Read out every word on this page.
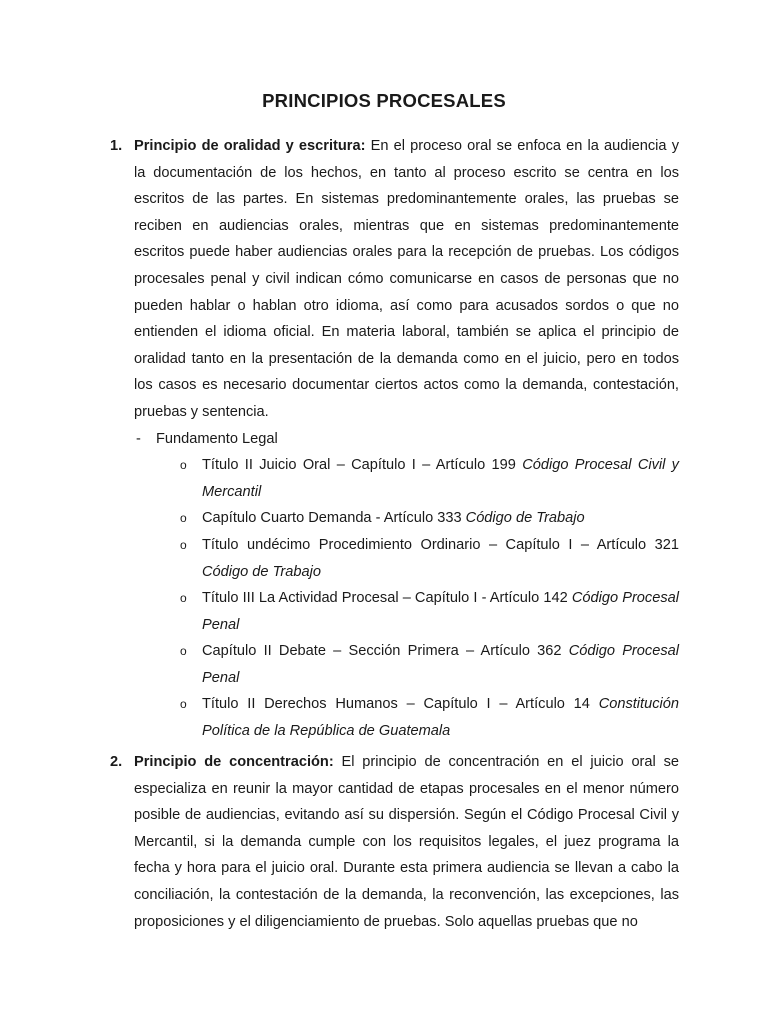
PRINCIPIOS PROCESALES
1. Principio de oralidad y escritura: En el proceso oral se enfoca en la audiencia y la documentación de los hechos, en tanto al proceso escrito se centra en los escritos de las partes. En sistemas predominantemente orales, las pruebas se reciben en audiencias orales, mientras que en sistemas predominantemente escritos puede haber audiencias orales para la recepción de pruebas. Los códigos procesales penal y civil indican cómo comunicarse en casos de personas que no pueden hablar o hablan otro idioma, así como para acusados sordos o que no entienden el idioma oficial. En materia laboral, también se aplica el principio de oralidad tanto en la presentación de la demanda como en el juicio, pero en todos los casos es necesario documentar ciertos actos como la demanda, contestación, pruebas y sentencia.

- Fundamento Legal
o Título II Juicio Oral – Capítulo I – Artículo 199 Código Procesal Civil y Mercantil
o Capítulo Cuarto Demanda - Artículo 333 Código de Trabajo
o Título undécimo Procedimiento Ordinario – Capítulo I – Artículo 321 Código de Trabajo
o Título III La Actividad Procesal – Capítulo I - Artículo 142 Código Procesal Penal
o Capítulo II Debate – Sección Primera – Artículo 362 Código Procesal Penal
o Título II Derechos Humanos – Capítulo I – Artículo 14 Constitución Política de la República de Guatemala
2. Principio de concentración: El principio de concentración en el juicio oral se especializa en reunir la mayor cantidad de etapas procesales en el menor número posible de audiencias, evitando así su dispersión. Según el Código Procesal Civil y Mercantil, si la demanda cumple con los requisitos legales, el juez programa la fecha y hora para el juicio oral. Durante esta primera audiencia se llevan a cabo la conciliación, la contestación de la demanda, la reconvención, las excepciones, las proposiciones y el diligenciamiento de pruebas. Solo aquellas pruebas que no
